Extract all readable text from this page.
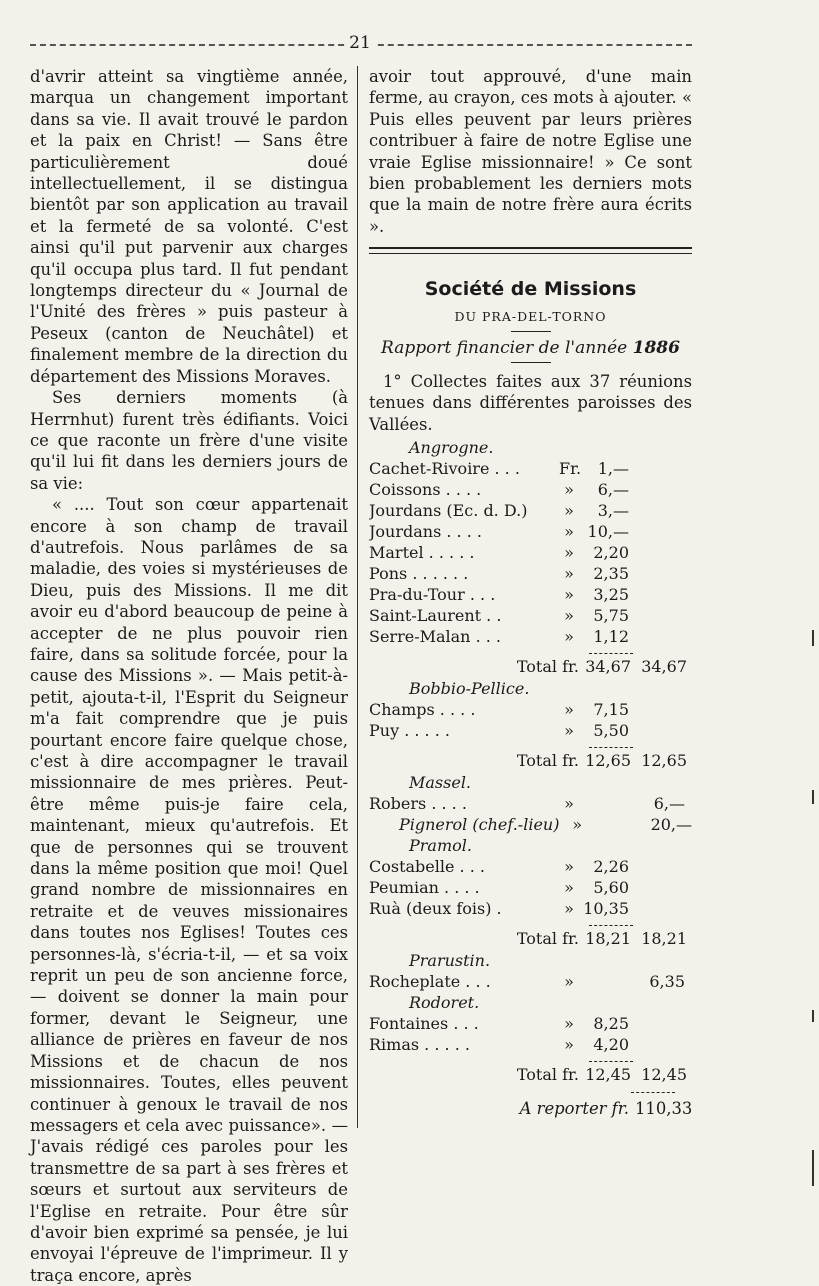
21

d'avrir atteint sa vingtième année, marqua un changement important dans sa vie. Il avait trouvé le pardon et la paix en Christ! — Sans être particulièrement doué intellectuellement, il se distingua bientôt par son application au travail et la fermeté de sa volonté. C'est ainsi qu'il put parvenir aux charges qu'il occupa plus tard. Il fut pendant longtemps directeur du « Journal de l'Unité des frères » puis pasteur à Peseux (canton de Neuchâtel) et finalement membre de la direction du département des Missions Moraves.

Ses derniers moments (à Herrnhut) furent très édifiants. Voici ce que raconte un frère d'une visite qu'il lui fit dans les derniers jours de sa vie:

« .... Tout son cœur appartenait encore à son champ de travail d'autrefois. Nous parlâmes de sa maladie, des voies si mystérieuses de Dieu, puis des Missions. Il me dit avoir eu d'abord beaucoup de peine à accepter de ne plus pouvoir rien faire, dans sa solitude forcée, pour la cause des Missions ». — Mais petit-à-petit, ajouta-t-il, l'Esprit du Seigneur m'a fait comprendre que je puis pourtant encore faire quelque chose, c'est à dire accompagner le travail missionnaire de mes prières. Peut-être même puis-je faire cela, maintenant, mieux qu'autrefois. Et que de personnes qui se trouvent dans la même position que moi! Quel grand nombre de missionnaires en retraite et de veuves missionaires dans toutes nos Eglises! Toutes ces personnes-là, s'écria-t-il, — et sa voix reprit un peu de son ancienne force, — doivent se donner la main pour former, devant le Seigneur, une alliance de prières en faveur de nos Missions et de chacun de nos missionnaires. Toutes, elles peuvent continuer à genoux le travail de nos messagers et cela avec puissance». — J'avais rédigé ces paroles pour les transmettre de sa part à ses frères et sœurs et surtout aux serviteurs de l'Eglise en retraite. Pour être sûr d'avoir bien exprimé sa pensée, je lui envoyai l'épreuve de l'imprimeur. Il y traça encore, après

avoir tout approuvé, d'une main ferme, au crayon, ces mots à ajouter. « Puis elles peuvent par leurs prières contribuer à faire de notre Eglise une vraie Eglise missionnaire! » Ce sont bien probablement les derniers mots que la main de notre frère aura écrits ».

Société de Missions
DU PRA-DEL-TORNO
Rapport financier de l'année 1886

1° Collectes faites aux 37 réunions tenues dans différentes paroisses des Vallées.

Angrogne.
Cachet-Rivoire . . .	Fr.	1,—
Coissons . . . .	»	6,—
Jourdans (Ec. d. D.)	»	3,—
Jourdans . . . .	» 10,—
Martel . . . . .	»	2,20
Pons . . . . . .	»	2,35
Pra-du-Tour . . .	»	3,25
Saint-Laurent . .	»	5,75
Serre-Malan . . .	»	1,12
Total fr. 34,67 34,67
Bobbio-Pellice.
Champs . . . .	»	7,15
Puy . . . . .	»	5,50
Total fr. 12,65 12,65
Massel.
Robers . . . .	»	6,—
Pignerol (chef.-lieu) »	20,—
Pramol.
Costabelle . . .	»	2,26
Peumian . . . .	»	5,60
Ruà (deux fois) .	» 10,35
Total fr. 18,21 18,21
Prarustin.
Rocheplate . . .	»	6,35
Rodoret.
Fontaines . . .	»	8,25
Rimas . . . . .	»	4,20
Total fr. 12,45 12,45
A reporter fr. 110,33
